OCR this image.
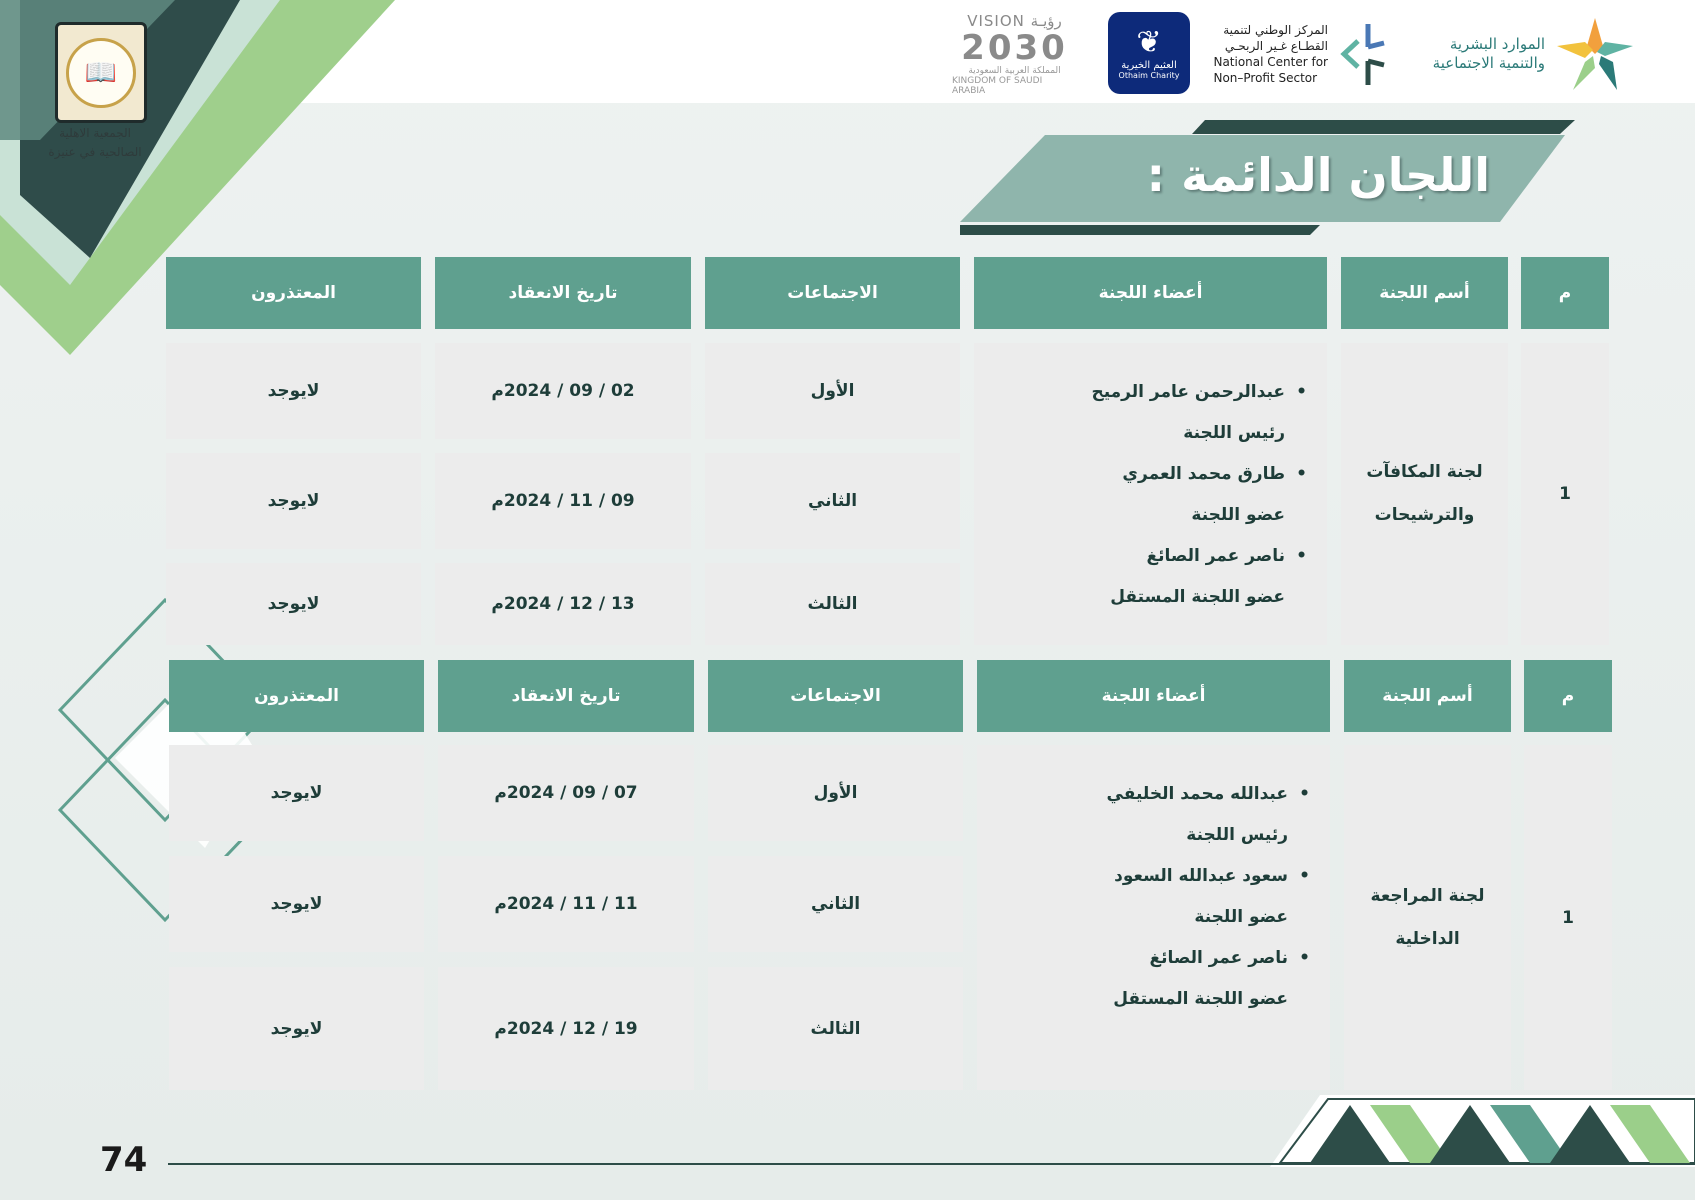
📖
الجمعية الاهلية
الصالحية في عنيزة
VISION رؤيـة
2030
المملكة العربية السعودية
KINGDOM OF SAUDI ARABIA
❦
العثيم الخيرية
Othaim Charity
المركز الوطني لتنمية
القطـاع غـير الربحـي
National Center for
Non–Profit Sector
الموارد البشرية
والتنمية الاجتماعية
اللجان الدائمة :
م
أسم اللجنة
أعضاء اللجنة
الاجتماعات
تاريخ الانعقاد
المعتذرون
1
لجنة المكافآت
والترشيحات
• عبدالرحمن عامر الرميح
رئيس اللجنة
• طارق محمد العمري
عضو اللجنة
• ناصر عمر الصائغ
عضو اللجنة المستقل
الأول
02 / 09 / 2024م
لايوجد
الثاني
09 / 11 / 2024م
لايوجد
الثالث
13 / 12 / 2024م
لايوجد
م
أسم اللجنة
أعضاء اللجنة
الاجتماعات
تاريخ الانعقاد
المعتذرون
1
لجنة المراجعة
الداخلية
• عبدالله محمد الخليفي
رئيس اللجنة
• سعود عبدالله السعود
عضو اللجنة
• ناصر عمر الصائغ
عضو اللجنة المستقل
الأول
07 / 09 / 2024م
لايوجد
الثاني
11 / 11 / 2024م
لايوجد
الثالث
19 / 12 / 2024م
لايوجد
74
